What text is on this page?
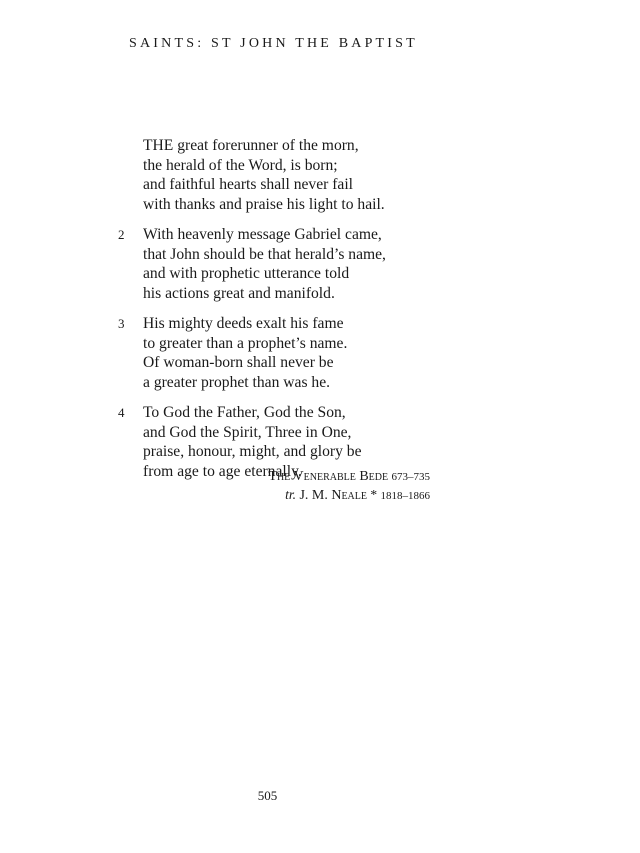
SAINTS: ST JOHN THE BAPTIST
THE great forerunner of the morn,
the herald of the Word, is born;
and faithful hearts shall never fail
with thanks and praise his light to hail.
2 With heavenly message Gabriel came,
that John should be that herald’s name,
and with prophetic utterance told
his actions great and manifold.
3 His mighty deeds exalt his fame
to greater than a prophet’s name.
Of woman-born shall never be
a greater prophet than was he.
4 To God the Father, God the Son,
and God the Spirit, Three in One,
praise, honour, might, and glory be
from age to age eternally.
The Venerable Bede 673–735
tr. J. M. Neale * 1818–1866
505
